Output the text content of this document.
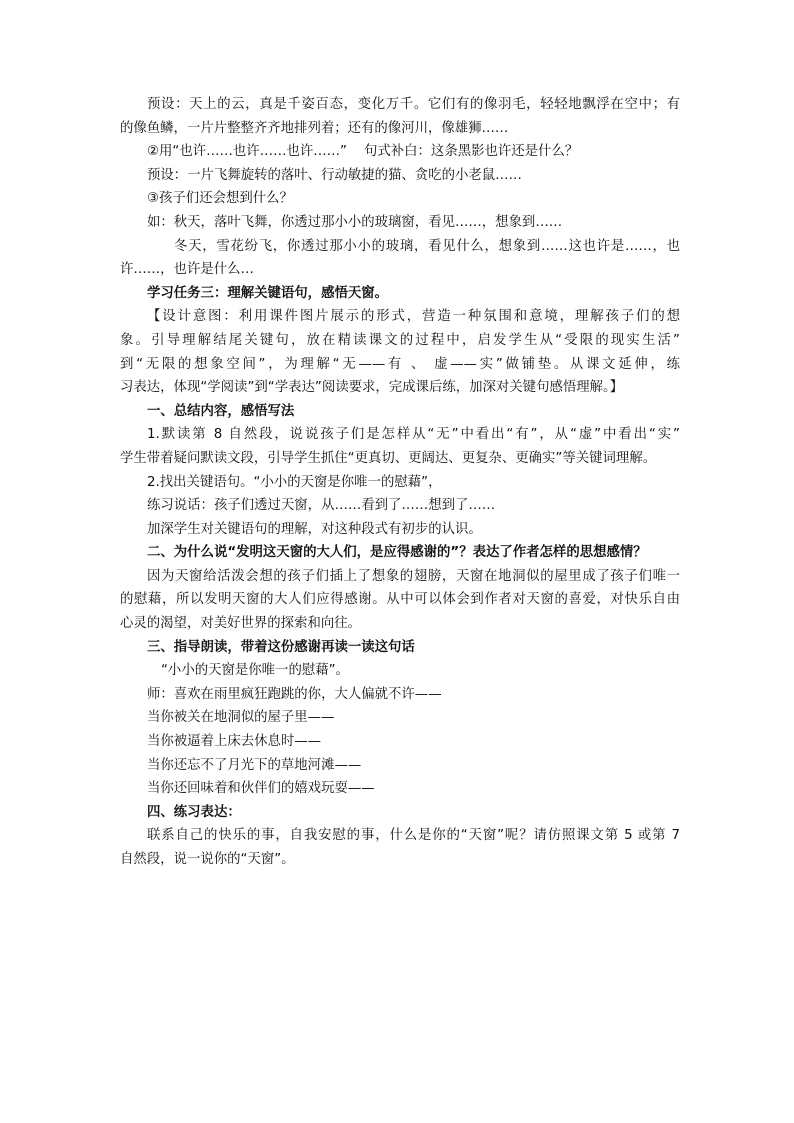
预设：天上的云，真是千姿百态，变化万千。它们有的像羽毛，轻轻地飘浮在空中；有
的像鱼鳞，一片片整整齐齐地排列着；还有的像河川，像雄狮……
②用“也许……也许……也许……”    句式补白：这条黑影也许还是什么？
预设：一片飞舞旋转的落叶、行动敏捷的猫、贪吃的小老鼠……
③孩子们还会想到什么？
如：秋天，落叶飞舞，你透过那小小的玻璃窗，看见……，想象到……
冬天，雪花纷飞，你透过那小小的玻璃，看见什么，想象到……这也许是……，也
许……，也许是什么…
学习任务三：理解关键语句，感悟天窗。
【设计意图：利用课件图片展示的形式，营造一种氛围和意境，理解孩子们的想
象。引导理解结尾关键句，放在精读课文的过程中，启发学生从“受限的现实生活”
到“无限的想象空间”，为理解“无——有 、 虚——实”做铺垫。从课文延伸，练
习表达，体现“学阅读”到“学表达”阅读要求，完成课后练，加深对关键句感悟理解。】
一、总结内容，感悟写法
1.默读第 8 自然段，说说孩子们是怎样从“无”中看出“有”，从“虚”中看出“实”
学生带着疑问默读文段，引导学生抓住“更真切、更阔达、更复杂、更确实”等关键词理解。
2.找出关键语句。“小小的天窗是你唯一的慰藉”，
练习说话：孩子们透过天窗，从……看到了……想到了……
加深学生对关键语句的理解，对这种段式有初步的认识。
二、为什么说“发明这天窗的大人们，是应得感谢的”？表达了作者怎样的思想感情？
因为天窗给活泼会想的孩子们插上了想象的翅膀，天窗在地洞似的屋里成了孩子们唯一
的慰藉，所以发明天窗的大人们应得感谢。从中可以体会到作者对天窗的喜爱，对快乐自由
心灵的渴望，对美好世界的探索和向往。
三、指导朗读，带着这份感谢再读一读这句话
“小小的天窗是你唯一的慰藉”。
师：喜欢在雨里疯狂跑跳的你，大人偏就不许——
当你被关在地洞似的屋子里——
当你被逼着上床去休息时——
当你还忘不了月光下的草地河滩——
当你还回味着和伙伴们的嬉戏玩耍——
四、练习表达：
联系自己的快乐的事，自我安慰的事，什么是你的“天窗”呢？请仿照课文第 5 或第 7
自然段，说一说你的“天窗”。
